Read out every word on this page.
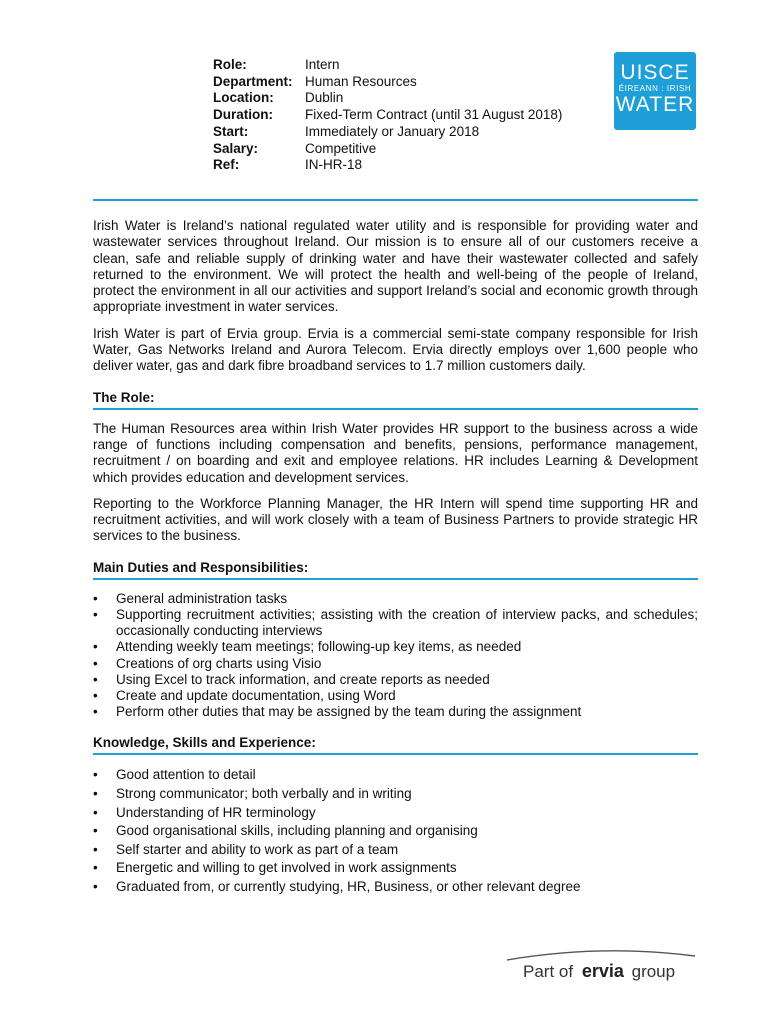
Role:	Intern
Department:	Human Resources
Location:	Dublin
Duration:	Fixed-Term Contract (until 31 August 2018)
Start:	Immediately or January 2018
Salary:	Competitive
Ref:	IN-HR-18
UISCE
ÉIREANN : IRISH
WATER

Irish Water is Ireland’s national regulated water utility and is responsible for providing water and wastewater services throughout Ireland. Our mission is to ensure all of our customers receive a clean, safe and reliable supply of drinking water and have their wastewater collected and safely returned to the environment. We will protect the health and well-being of the people of Ireland, protect the environment in all our activities and support Ireland’s social and economic growth through appropriate investment in water services.

Irish Water is part of Ervia group. Ervia is a commercial semi-state company responsible for Irish Water, Gas Networks Ireland and Aurora Telecom. Ervia directly employs over 1,600 people who deliver water, gas and dark fibre broadband services to 1.7 million customers daily.

The Role:

The Human Resources area within Irish Water provides HR support to the business across a wide range of functions including compensation and benefits, pensions, performance management, recruitment / on boarding and exit and employee relations. HR includes Learning & Development which provides education and development services.

Reporting to the Workforce Planning Manager, the HR Intern will spend time supporting HR and recruitment activities, and will work closely with a team of Business Partners to provide strategic HR services to the business.

Main Duties and Responsibilities:
• General administration tasks
• Supporting recruitment activities; assisting with the creation of interview packs, and schedules; occasionally conducting interviews
• Attending weekly team meetings; following-up key items, as needed
• Creations of org charts using Visio
• Using Excel to track information, and create reports as needed
• Create and update documentation, using Word
• Perform other duties that may be assigned by the team during the assignment
Knowledge, Skills and Experience:
• Good attention to detail
• Strong communicator; both verbally and in writing
• Understanding of HR terminology
• Good organisational skills, including planning and organising
• Self starter and ability to work as part of a team
• Energetic and willing to get involved in work assignments
• Graduated from, or currently studying, HR, Business, or other relevant degree
Part of ervia group
